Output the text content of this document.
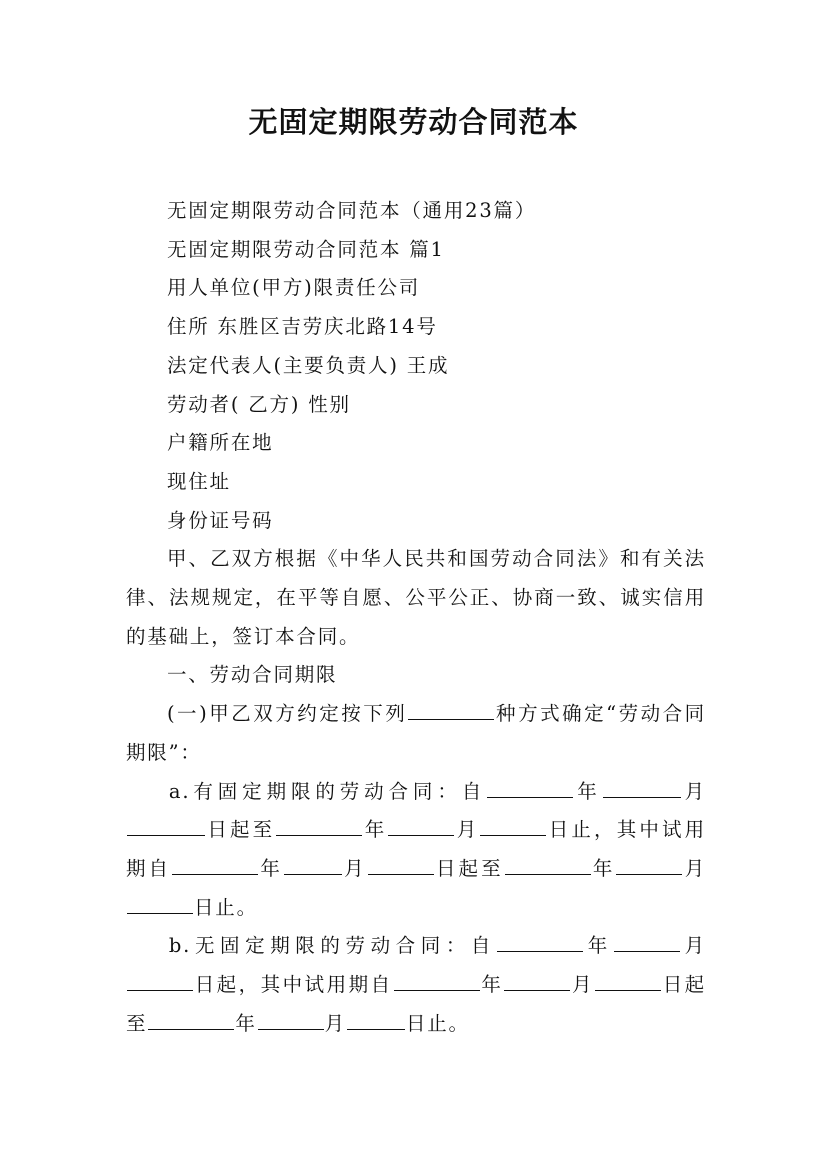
无固定期限劳动合同范本

无固定期限劳动合同范本（通用23篇）

无固定期限劳动合同范本 篇1

用人单位(甲方)限责任公司

住所 东胜区吉劳庆北路14号

法定代表人(主要负责人) 王成

劳动者( 乙方) 性别

户籍所在地

现住址

身份证号码

甲、乙双方根据《中华人民共和国劳动合同法》和有关法律、法规规定，在平等自愿、公平公正、协商一致、诚实信用的基础上，签订本合同。

一、劳动合同期限

(一)甲乙双方约定按下列	种方式确定“劳动合同期限”：

a.有固定期限的劳动合同：自	年	月日起至	年	月	日止，其中试用期自	年	月	日起至	年	月日止。

b.无固定期限的劳动合同：自	年	月日起，其中试用期自	年	月	日起至	年	月	日止。
